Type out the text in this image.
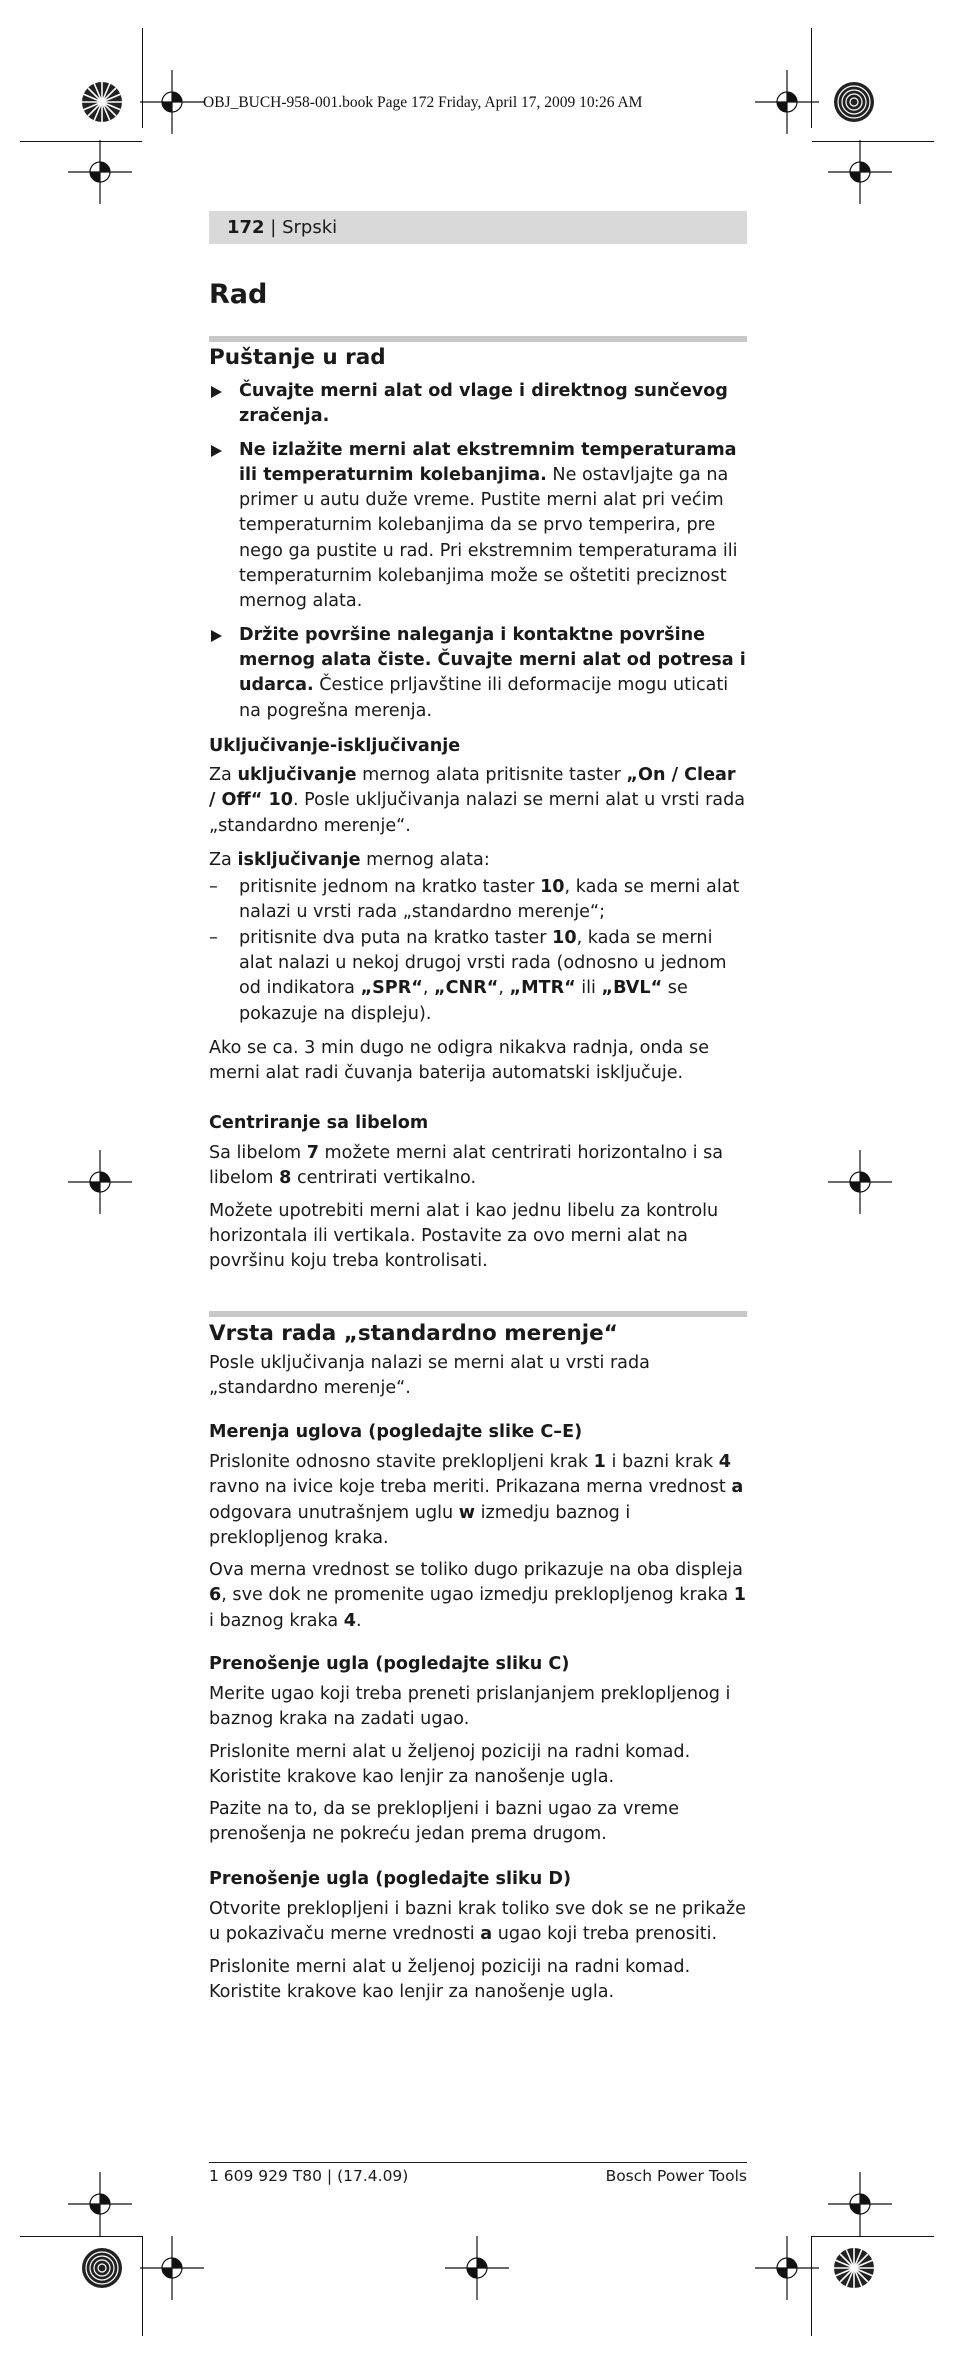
OBJ_BUCH-958-001.book Page 172 Friday, April 17, 2009 10:26 AM
172 | Srpski
Rad
Puštanje u rad

Čuvajte merni alat od vlage i direktnog sunčevog zračenja.

Ne izlažite merni alat ekstremnim temperaturama ili temperaturnim kolebanjima. Ne ostavljajte ga na primer u autu duže vreme. Pustite merni alat pri većim temperaturnim kolebanjima da se prvo temperira, pre nego ga pustite u rad. Pri ekstremnim temperaturama ili temperaturnim kolebanjima može se oštetiti preciznost mernog alata.

Držite površine naleganja i kontaktne površine mernog alata čiste. Čuvajte merni alat od potresa i udarca. Čestice prljavštine ili deformacije mogu uticati na pogrešna merenja.

Uključivanje-isključivanje

Za uključivanje mernog alata pritisnite taster „On / Clear / Off“ 10. Posle uključivanja nalazi se merni alat u vrsti rada „standardno merenje“.

Za isključivanje mernog alata:

– pritisnite jednom na kratko taster 10, kada se merni alat nalazi u vrsti rada „standardno merenje“;

– pritisnite dva puta na kratko taster 10, kada se merni alat nalazi u nekoj drugoj vrsti rada (odnosno u jednom od indikatora „SPR“, „CNR“, „MTR“ ili „BVL“ se pokazuje na displeju).

Ako se ca. 3 min dugo ne odigra nikakva radnja, onda se merni alat radi čuvanja baterija automatski isključuje.

Centriranje sa libelom

Sa libelom 7 možete merni alat centrirati horizontalno i sa libelom 8 centrirati vertikalno.

Možete upotrebiti merni alat i kao jednu libelu za kontrolu horizontala ili vertikala. Postavite za ovo merni alat na površinu koju treba kontrolisati.

Vrsta rada „standardno merenje“

Posle uključivanja nalazi se merni alat u vrsti rada „standardno merenje“.

Merenja uglova (pogledajte slike C–E)

Prislonite odnosno stavite preklopljeni krak 1 i bazni krak 4 ravno na ivice koje treba meriti. Prikazana merna vrednost a odgovara unutrašnjem uglu w izmedju baznog i preklopljenog kraka.

Ova merna vrednost se toliko dugo prikazuje na oba displeja 6, sve dok ne promenite ugao izmedju preklopljenog kraka 1 i baznog kraka 4.

Prenošenje ugla (pogledajte sliku C)

Merite ugao koji treba preneti prislanjanjem preklopljenog i baznog kraka na zadati ugao.

Prislonite merni alat u željenoj poziciji na radni komad. Koristite krakove kao lenjir za nanošenje ugla.

Pazite na to, da se preklopljeni i bazni ugao za vreme prenošenja ne pokreću jedan prema drugom.

Prenošenje ugla (pogledajte sliku D)

Otvorite preklopljeni i bazni krak toliko sve dok se ne prikaže u pokazivaču merne vrednosti a ugao koji treba prenositi.

Prislonite merni alat u željenoj poziciji na radni komad. Koristite krakove kao lenjir za nanošenje ugla.

1 609 929 T80 | (17.4.09)	Bosch Power Tools
